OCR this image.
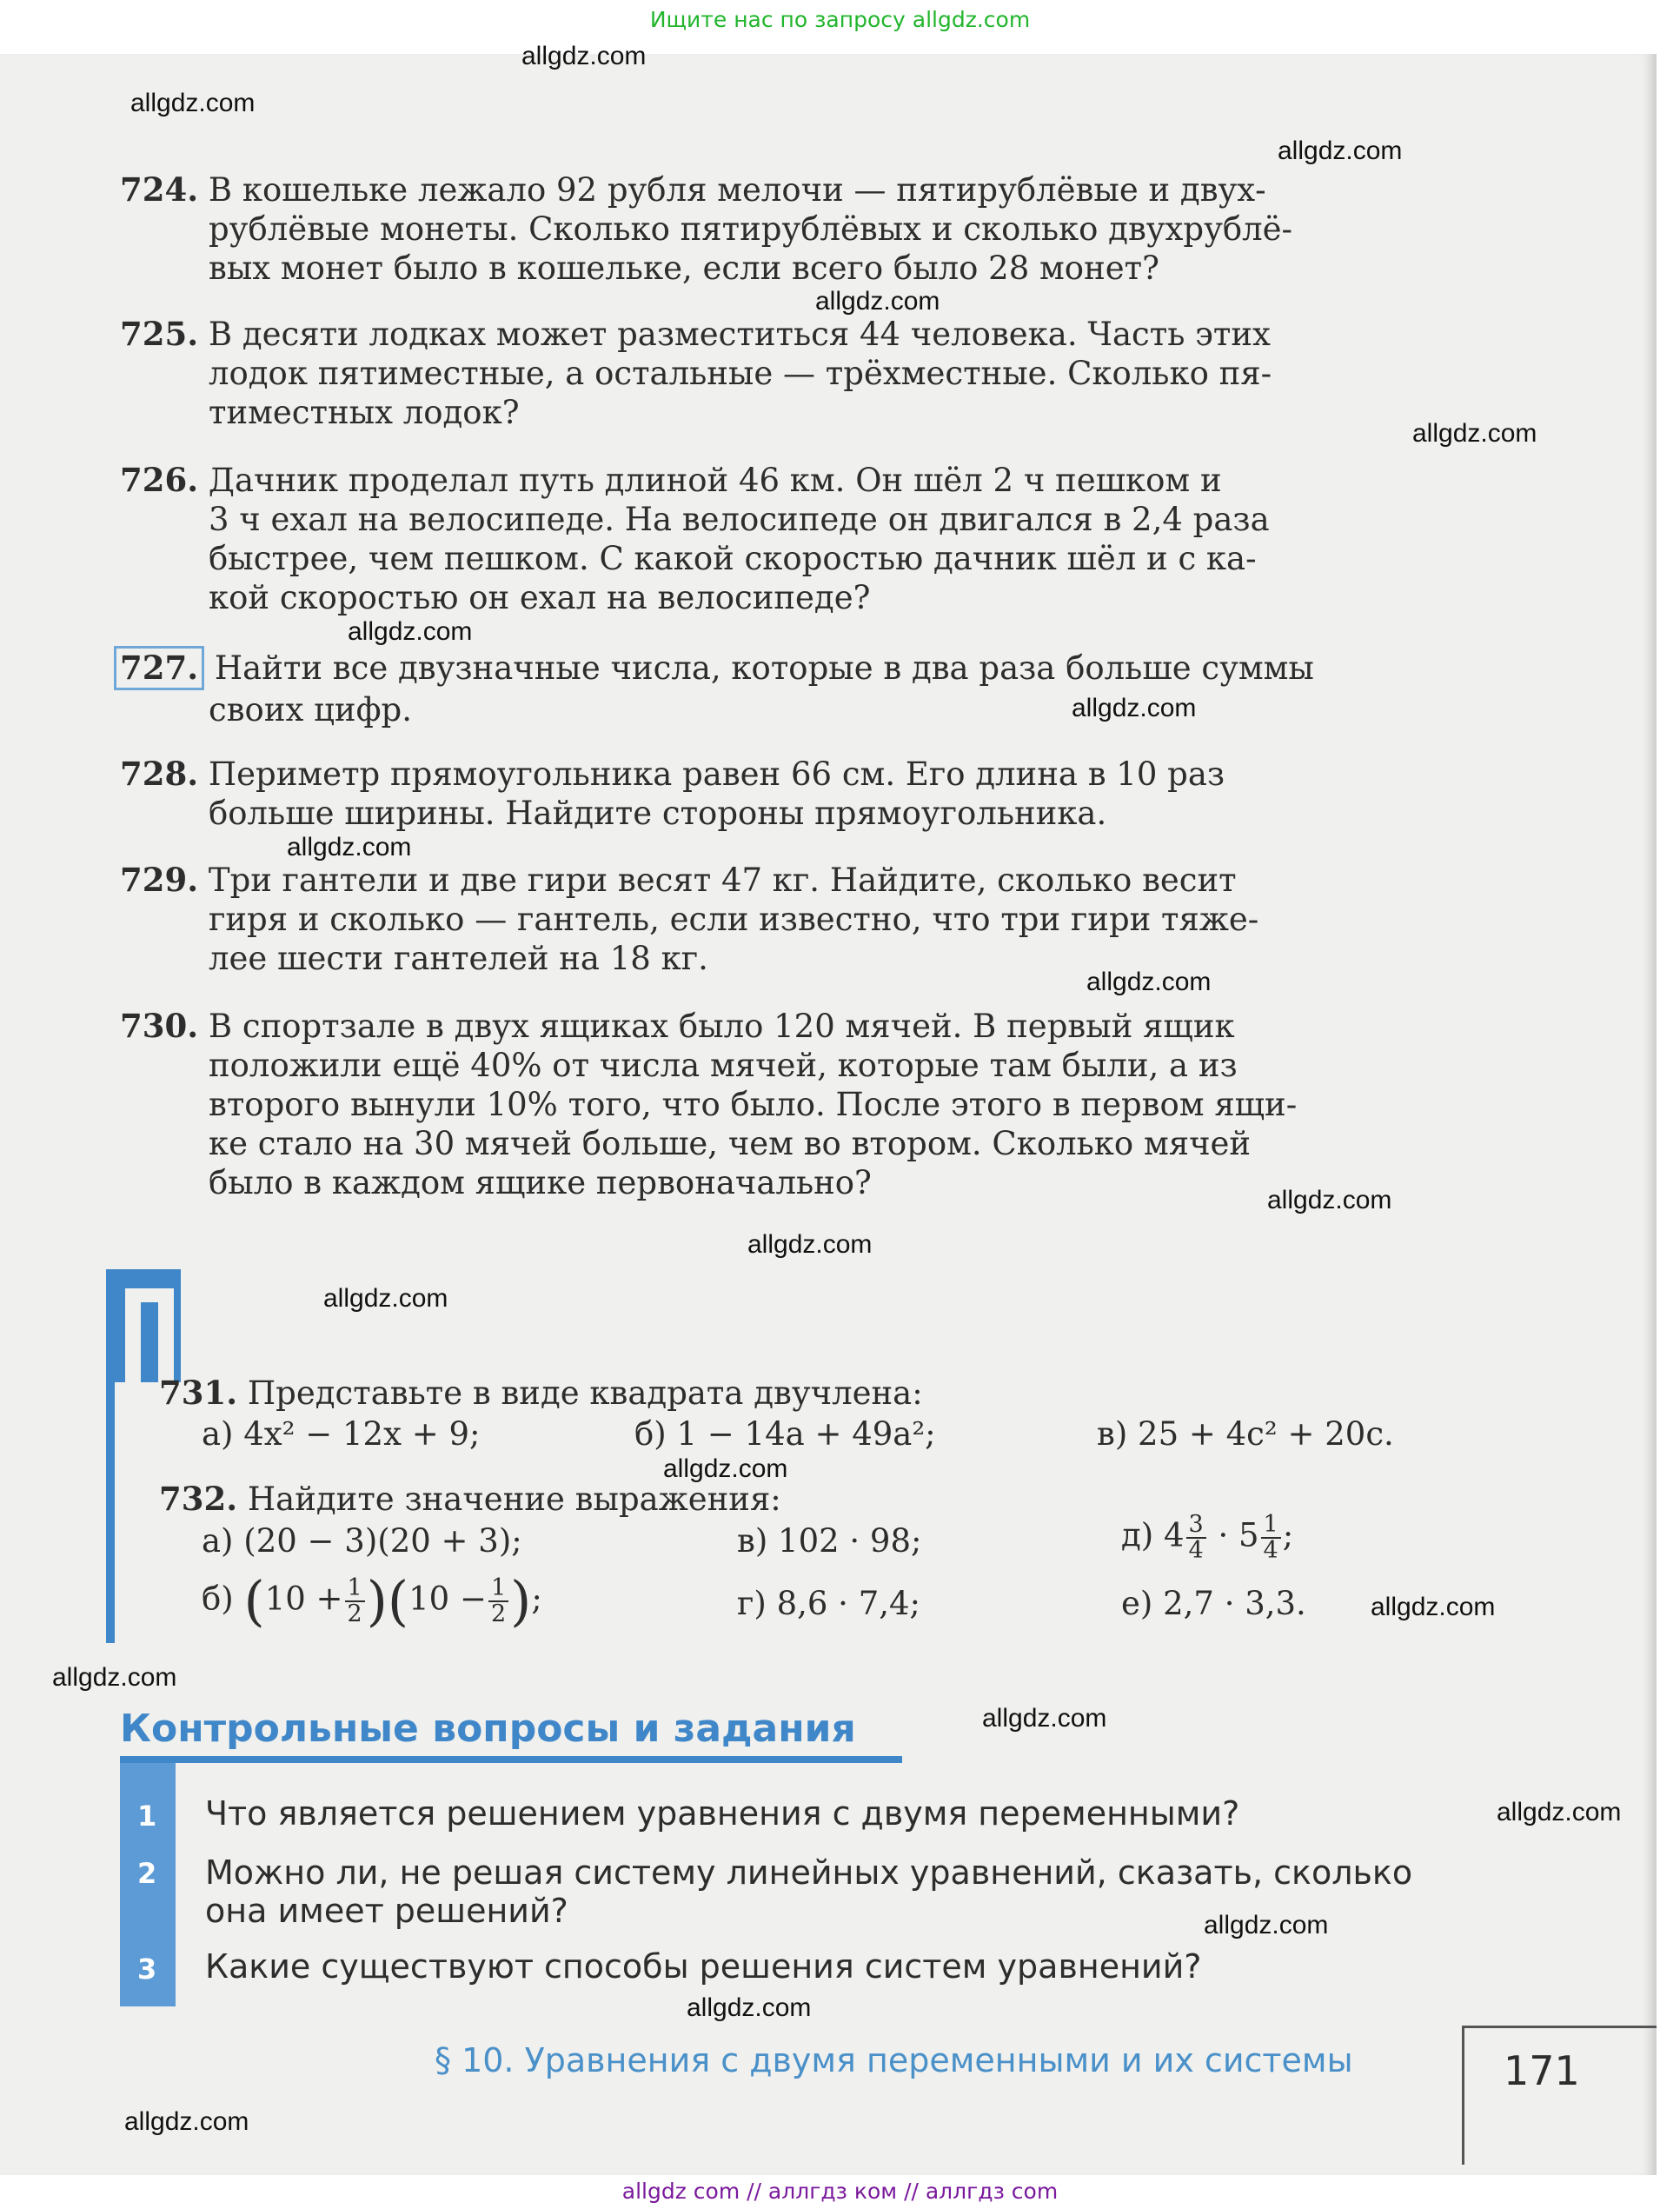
Ищите нас по запросу allgdz.com
allgdz.com
allgdz.com
allgdz.com
allgdz.com
allgdz.com
allgdz.com
allgdz.com
allgdz.com
allgdz.com
allgdz.com
allgdz.com
allgdz.com
allgdz.com
allgdz.com
allgdz.com
allgdz.com
allgdz.com
allgdz.com
allgdz.com
allgdz.com
724. В кошельке лежало 92 рубля мелочи — пятирублёвые и двух-
рублёвые монеты. Сколько пятирублёвых и сколько двухрублё-
вых монет было в кошельке, если всего было 28 монет?
725. В десяти лодках может разместиться 44 человека. Часть этих
лодок пятиместные, а остальные — трёхместные. Сколько пя-
тиместных лодок?
726. Дачник проделал путь длиной 46 км. Он шёл 2 ч пешком и
3 ч ехал на велосипеде. На велосипеде он двигался в 2,4 раза
быстрее, чем пешком. С какой скоростью дачник шёл и с ка-
кой скоростью он ехал на велосипеде?
727. Найти все двузначные числа, которые в два раза больше суммы
своих цифр.
728. Периметр прямоугольника равен 66 см. Его длина в 10 раз
больше ширины. Найдите стороны прямоугольника.
729. Три гантели и две гири весят 47 кг. Найдите, сколько весит
гиря и сколько — гантель, если известно, что три гири тяже-
лее шести гантелей на 18 кг.
730. В спортзале в двух ящиках было 120 мячей. В первый ящик
положили ещё 40% от числа мячей, которые там были, а из
второго вынули 10% того, что было. После этого в первом ящи-
ке стало на 30 мячей больше, чем во втором. Сколько мячей
было в каждом ящике первоначально?
731. Представьте в виде квадрата двучлена:
а) 4x² − 12x + 9;	б) 1 − 14a + 49a²;	в) 25 + 4c² + 20c.
732. Найдите значение выражения:
а) (20 − 3)(20 + 3);	в) 102 · 98;	д) $4 \frac{3}{4} \cdot 5 \frac{1}{4}$ ;
б) $(10 + \frac{1}{2} )(10 - \frac{1}{2}$ );	г) 8,6 · 7,4;	е) 2,7 · 3,3.
Контрольные вопросы и задания
1 Что является решением уравнения с двумя переменными?
2 Можно ли, не решая систему линейных уравнений, сказать, сколько
она имеет решений?
3 Какие существуют способы решения систем уравнений?
§ 10. Уравнения с двумя переменными и их системы	171
allgdz com // аллгдз ком // аллгдз com
